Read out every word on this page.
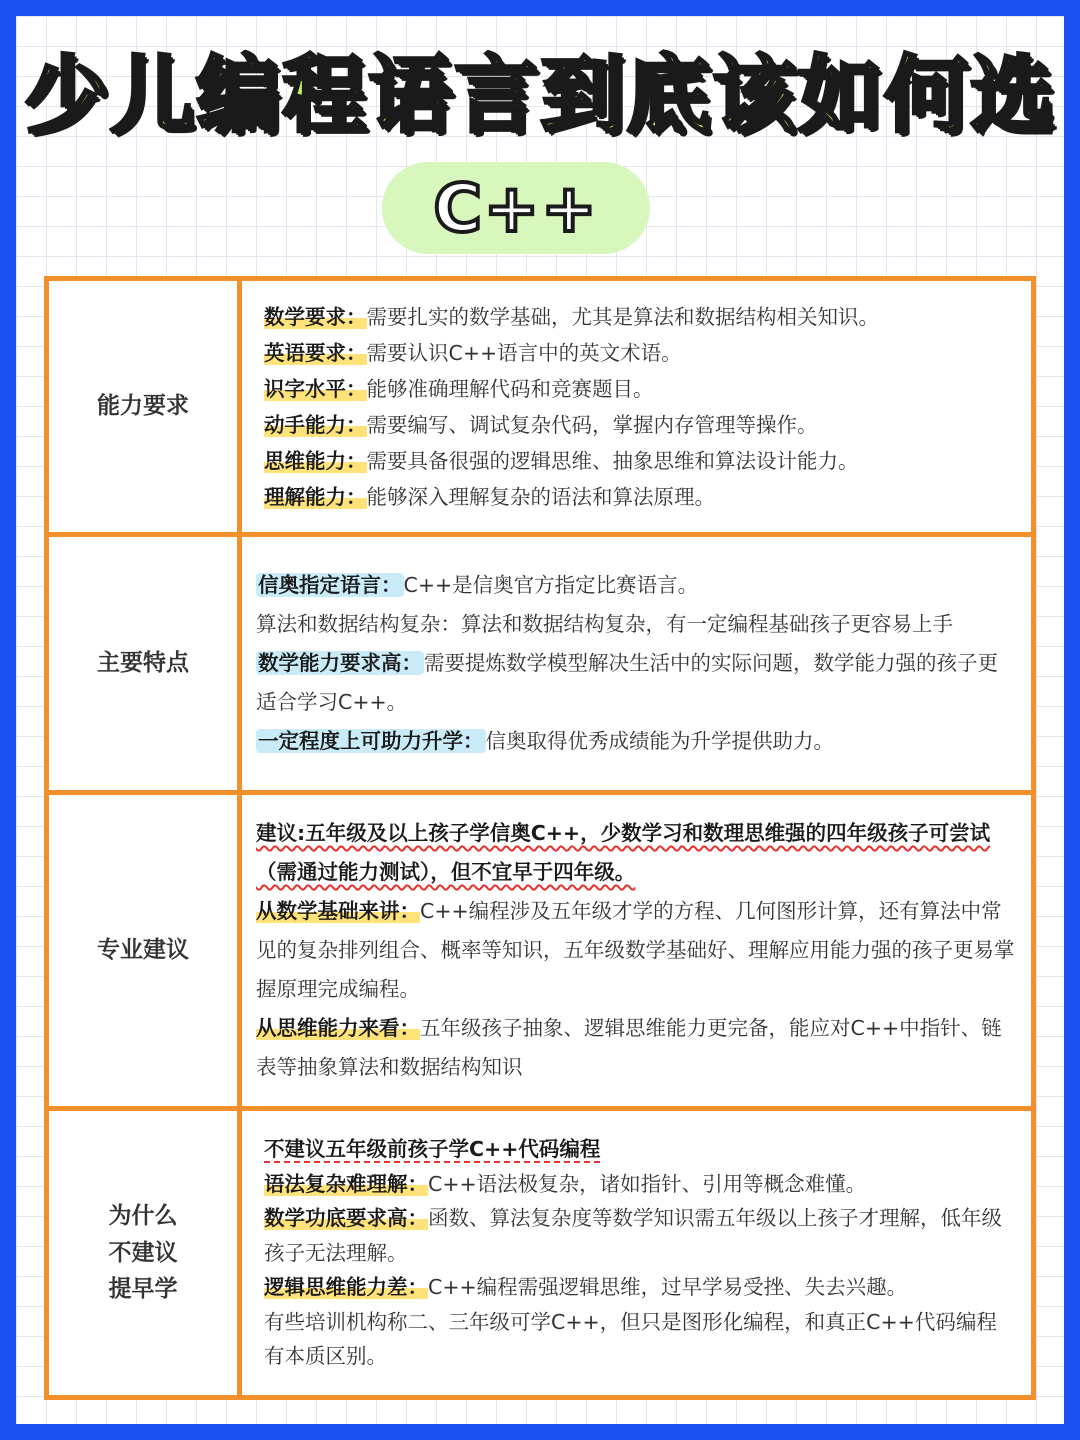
少儿编程语言到底该如何选
C++
能力要求
数学要求：需要扎实的数学基础，尤其是算法和数据结构相关知识。
英语要求：需要认识C++语言中的英文术语。
识字水平：能够准确理解代码和竞赛题目。
动手能力：需要编写、调试复杂代码，掌握内存管理等操作。
思维能力：需要具备很强的逻辑思维、抽象思维和算法设计能力。
理解能力：能够深入理解复杂的语法和算法原理。
主要特点
信奥指定语言：C++是信奥官方指定比赛语言。
算法和数据结构复杂：算法和数据结构复杂，有一定编程基础孩子更容易上手
数学能力要求高：需要提炼数学模型解决生活中的实际问题，数学能力强的孩子更适合学习C++。
一定程度上可助力升学：信奥取得优秀成绩能为升学提供助力。
专业建议
建议:五年级及以上孩子学信奥C++，少数学习和数理思维强的四年级孩子可尝试（需通过能力测试），但不宜早于四年级。
从数学基础来讲：C++编程涉及五年级才学的方程、几何图形计算，还有算法中常见的复杂排列组合、概率等知识，五年级数学基础好、理解应用能力强的孩子更易掌握原理完成编程。
从思维能力来看：五年级孩子抽象、逻辑思维能力更完备，能应对C++中指针、链表等抽象算法和数据结构知识
为什么
不建议
提早学
不建议五年级前孩子学C++代码编程
语法复杂难理解：C++语法极复杂，诸如指针、引用等概念难懂。
数学功底要求高：函数、算法复杂度等数学知识需五年级以上孩子才理解，低年级孩子无法理解。
逻辑思维能力差：C++编程需强逻辑思维，过早学易受挫、失去兴趣。
有些培训机构称二、三年级可学C++，但只是图形化编程，和真正C++代码编程有本质区别。
